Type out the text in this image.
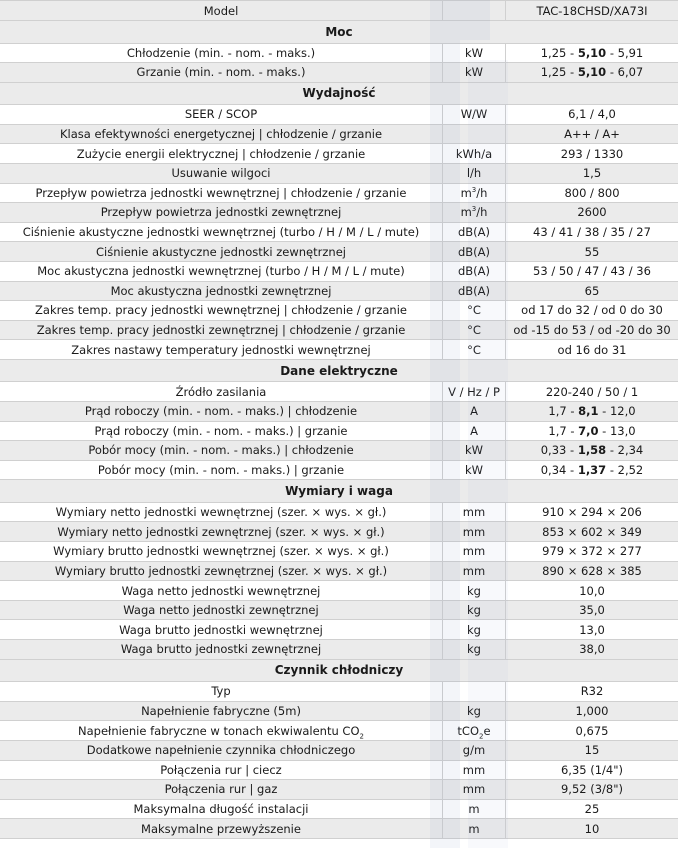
Model		TAC-18CHSD/XA73I
Moc		
Chłodzenie (min. - nom. - maks.)	kW	1,25 - 5,10 - 5,91
Grzanie (min. - nom. - maks.)	kW	1,25 - 5,10 - 6,07
Wydajność		
SEER / SCOP	W/W	6,1 / 4,0
Klasa efektywności energetycznej | chłodzenie / grzanie		A++ / A+
Zużycie energii elektrycznej | chłodzenie / grzanie	kWh/a	293 / 1330
Usuwanie wilgoci	l/h	1,5
Przepływ powietrza jednostki wewnętrznej | chłodzenie / grzanie	$m^3/h$	800 / 800
Przepływ powietrza jednostki zewnętrznej	$m^3/h$	2600
Ciśnienie akustyczne jednostki wewnętrznej (turbo / H / M / L / mute)	dB(A)	43 / 41 / 38 / 35 / 27
Ciśnienie akustyczne jednostki zewnętrznej	dB(A)	55
Moc akustyczna jednostki wewnętrznej (turbo / H / M / L / mute)	dB(A)	53 / 50 / 47 / 43 / 36
Moc akustyczna jednostki zewnętrznej	dB(A)	65
Zakres temp. pracy jednostki wewnętrznej | chłodzenie / grzanie	°C	od 17 do 32 / od 0 do 30
Zakres temp. pracy jednostki zewnętrznej | chłodzenie / grzanie	°C	od -15 do 53 / od -20 do 30
Zakres nastawy temperatury jednostki wewnętrznej	°C	od 16 do 31
Dane elektryczne		
Źródło zasilania	V / Hz / P	220-240 / 50 / 1
Prąd roboczy (min. - nom. - maks.) | chłodzenie	A	1,7 - 8,1 - 12,0
Prąd roboczy (min. - nom. - maks.) | grzanie	A	1,7 - 7,0 - 13,0
Pobór mocy (min. - nom. - maks.) | chłodzenie	kW	0,33 - 1,58 - 2,34
Pobór mocy (min. - nom. - maks.) | grzanie	kW	0,34 - 1,37 - 2,52
Wymiary i waga		
Wymiary netto jednostki wewnętrznej (szer. × wys. × gł.)	mm	910 × 294 × 206
Wymiary netto jednostki zewnętrznej (szer. × wys. × gł.)	mm	853 × 602 × 349
Wymiary brutto jednostki wewnętrznej (szer. × wys. × gł.)	mm	979 × 372 × 277
Wymiary brutto jednostki zewnętrznej (szer. × wys. × gł.)	mm	890 × 628 × 385
Waga netto jednostki wewnętrznej	kg	10,0
Waga netto jednostki zewnętrznej	kg	35,0
Waga brutto jednostki wewnętrznej	kg	13,0
Waga brutto jednostki zewnętrznej	kg	38,0
Czynnik chłodniczy		
Typ		R32
Napełnienie fabryczne (5m)	kg	1,000
Napełnienie fabryczne w tonach ekwiwalentu $CO_2$	tCO$_2$e	0,675
Dodatkowe napełnienie czynnika chłodniczego	g/m	15
Połączenia rur | ciecz	mm	6,35 (1/4")
Połączenia rur | gaz	mm	9,52 (3/8")
Maksymalna długość instalacji	m	25
Maksymalne przewyższenie	m	10
